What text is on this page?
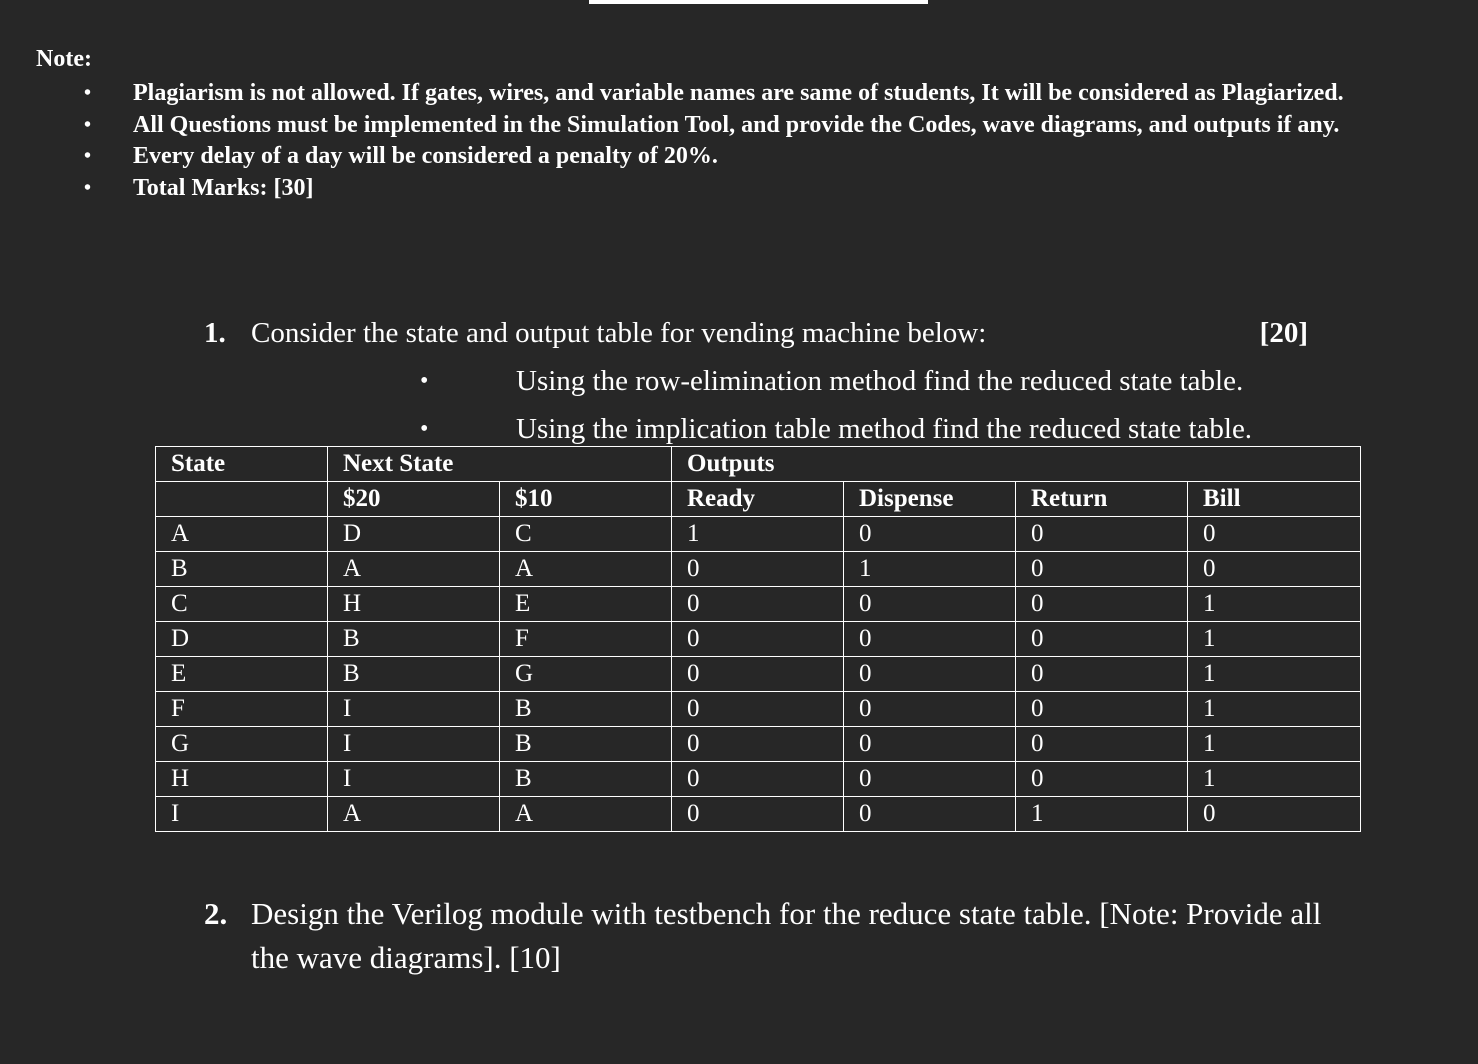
Note:
• Plagiarism is not allowed. If gates, wires, and variable names are same of students, It will be considered as Plagiarized.
• All Questions must be implemented in the Simulation Tool, and provide the Codes, wave diagrams, and outputs if any.
• Every delay of a day will be considered a penalty of 20%.
• Total Marks: [30]
1. Consider the state and output table for vending machine below:	[20]
•	Using the row-elimination method find the reduced state table.
•	Using the implication table method find the reduced state table.
State	Next State		Outputs			
	$20	$10	Ready	Dispense	Return	Bill
A	D	C	1	0	0	0
B	A	A	0	1	0	0
C	H	E	0	0	0	1
D	B	F	0	0	0	1
E	B	G	0	0	0	1
F	I	B	0	0	0	1
G	I	B	0	0	0	1
H	I	B	0	0	0	1
I	A	A	0	0	1	0
2. Design the Verilog module with testbench for the reduce state table. [Note: Provide all the wave diagrams]. [10]
